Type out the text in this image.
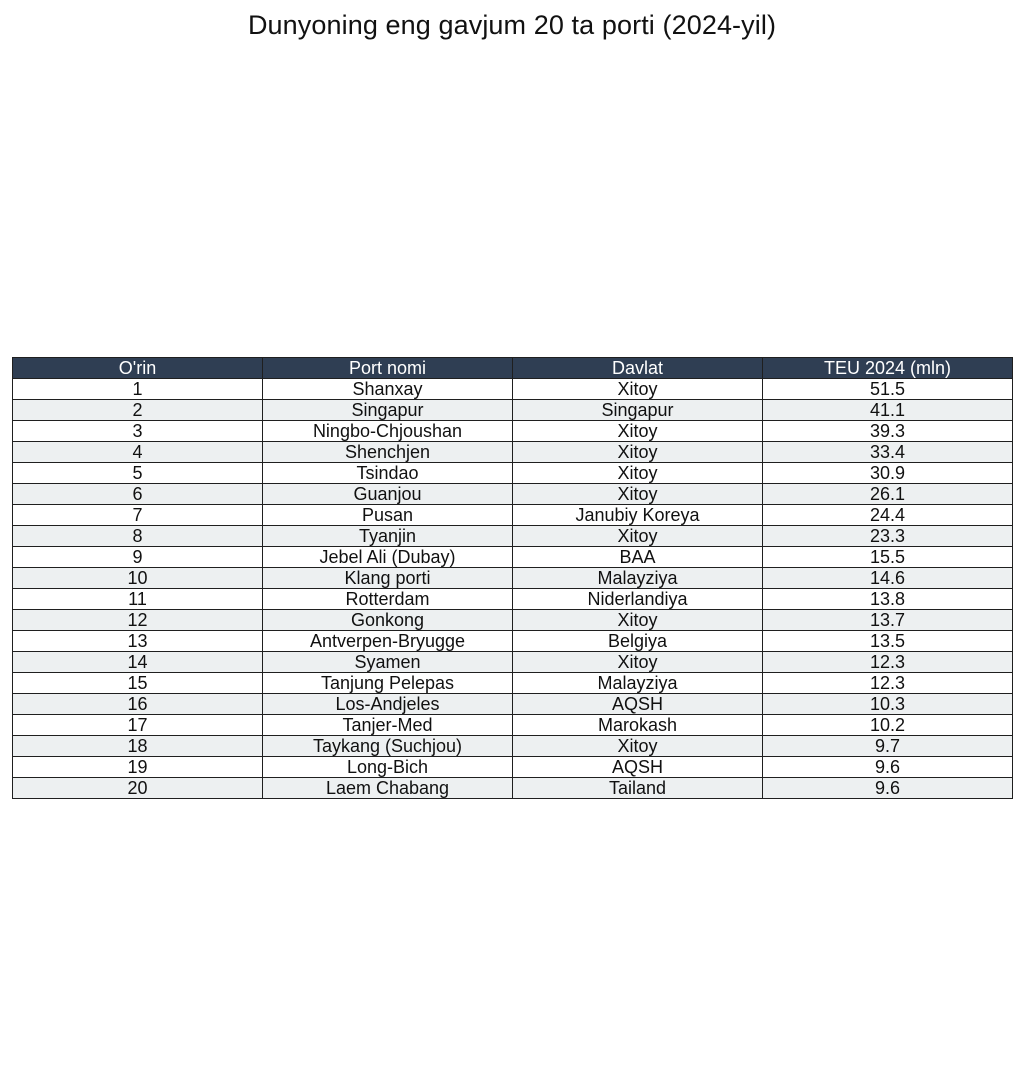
Dunyoning eng gavjum 20 ta porti (2024-yil)
O'rin	Port nomi	Davlat	TEU 2024 (mln)
1	Shanxay	Xitoy	51.5
2	Singapur	Singapur	41.1
3	Ningbo-Chjoushan	Xitoy	39.3
4	Shenchjen	Xitoy	33.4
5	Tsindao	Xitoy	30.9
6	Guanjou	Xitoy	26.1
7	Pusan	Janubiy Koreya	24.4
8	Tyanjin	Xitoy	23.3
9	Jebel Ali (Dubay)	BAA	15.5
10	Klang porti	Malayziya	14.6
11	Rotterdam	Niderlandiya	13.8
12	Gonkong	Xitoy	13.7
13	Antverpen-Bryugge	Belgiya	13.5
14	Syamen	Xitoy	12.3
15	Tanjung Pelepas	Malayziya	12.3
16	Los-Andjeles	AQSH	10.3
17	Tanjer-Med	Marokash	10.2
18	Taykang (Suchjou)	Xitoy	9.7
19	Long-Bich	AQSH	9.6
20	Laem Chabang	Tailand	9.6
